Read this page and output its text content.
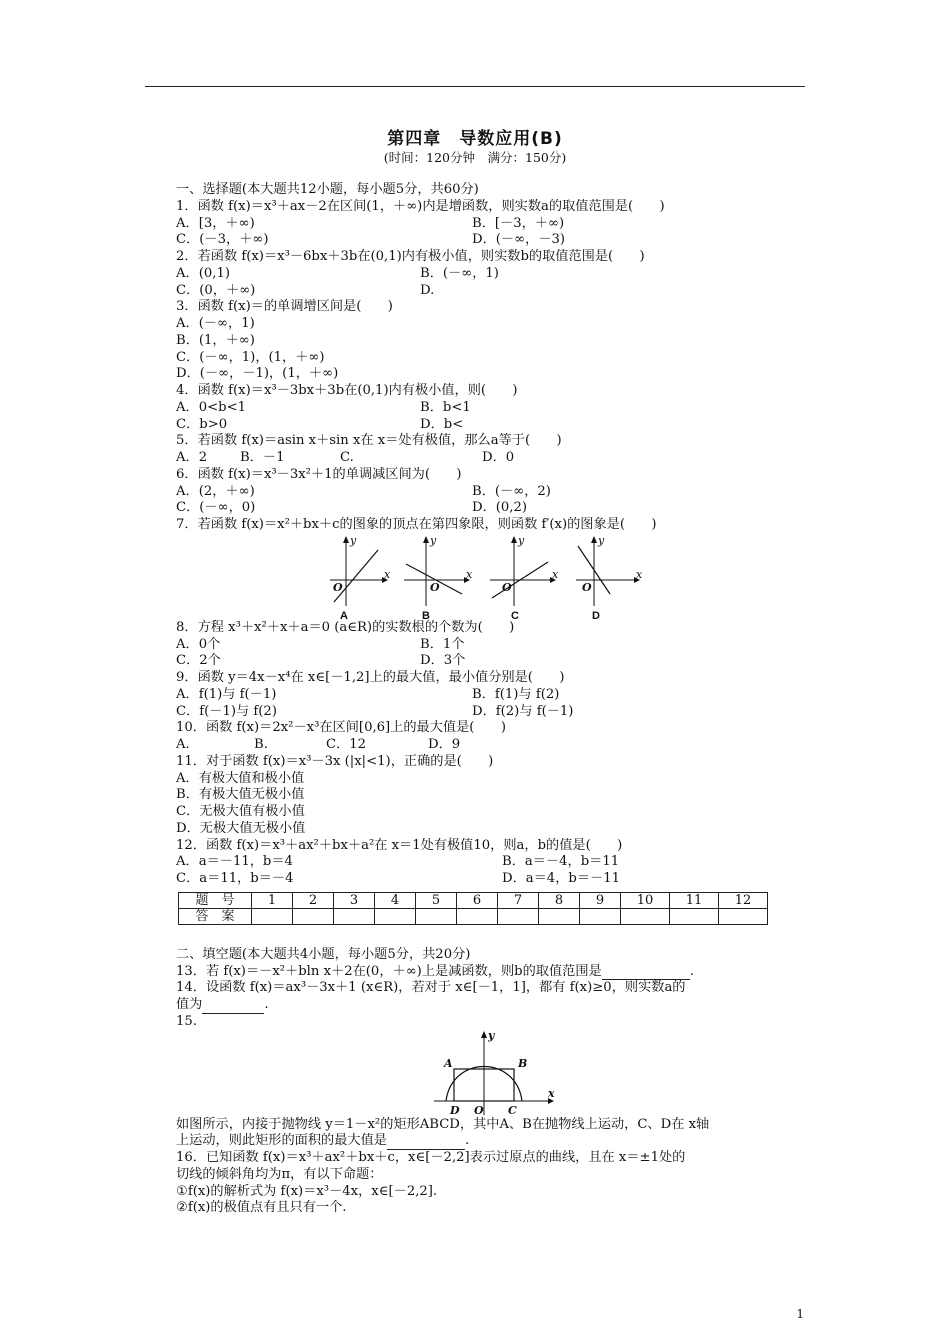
第四章　导数应用(B)
(时间：120分钟　满分：150分)
一、选择题(本大题共12小题，每小题5分，共60分)
1．函数 f(x)＝x³＋ax－2在区间(1，＋∞)内是增函数，则实数a的取值范围是(　　)
A．[3，＋∞)	B．[－3，＋∞)
C．(－3，＋∞)	D．(－∞，－3)
2．若函数 f(x)＝x³－6bx＋3b在(0,1)内有极小值，则实数b的取值范围是(　　)
A．(0,1)	B．(－∞，1)
C．(0，＋∞)	D.
3．函数 f(x)＝的单调增区间是(　　)
A．(－∞，1)
B．(1，＋∞)
C．(－∞，1)，(1，＋∞)
D．(－∞，－1)，(1，＋∞)
4．函数 f(x)＝x³－3bx＋3b在(0,1)内有极小值，则(　　)
A．0<b<1	B．b<1
C．b>0	D．b<
5．若函数 f(x)＝asin x＋sin x在 x＝处有极值，那么a等于(　　)
A．2 B．－1	C.	D．0
6．函数 f(x)＝x³－3x²＋1的单调减区间为(　　)
A．(2，＋∞)	B．(－∞，2)
C．(－∞，0)	D．(0,2)
7．若函数 f(x)＝x²＋bx＋c的图象的顶点在第四象限，则函数 f′(x)的图象是(　　)
y
x
O
A
y
x
O
B
y
x
O
C
y
x
O
D
8．方程 x³＋x²＋x＋a＝0 (a∈R)的实数根的个数为(　　)
A．0个	B．1个
C．2个	D．3个
9．函数 y＝4x－x⁴在 x∈[－1,2]上的最大值，最小值分别是(　　)
A．f(1)与 f(－1)	B．f(1)与 f(2)
C．f(－1)与 f(2)	D．f(2)与 f(－1)
10．函数 f(x)＝2x²－x³在区间[0,6]上的最大值是(　　)
A.	B.	C．12	D．9
11．对于函数 f(x)＝x³－3x (|x|<1)，正确的是(　　)
A．有极大值和极小值
B．有极大值无极小值
C．无极大值有极小值
D．无极大值无极小值
12．函数 f(x)＝x³＋ax²＋bx＋a²在 x＝1处有极值10，则a，b的值是(　　)
A．a＝－11，b＝4	B．a＝－4，b＝11
C．a＝11，b＝－4	D．a＝4，b＝－11
题　号	1	2	3	4	5	6	7	8	9	10	11	12
答　案												
二、填空题(本大题共4小题，每小题5分，共20分)
13．若 f(x)＝－x²＋bln x＋2在(0，＋∞)上是减函数，则b的取值范围是	.
14．设函数 f(x)＝ax³－3x＋1 (x∈R)，若对于 x∈[－1，1]，都有 f(x)≥0，则实数a的
值为	.
15.
y
x
A	B
C
D O
如图所示，内接于抛物线 y＝1－x²的矩形ABCD，其中A、B在抛物线上运动，C、D在 x轴
上运动，则此矩形的面积的最大值是	.
16．已知函数 f(x)＝x³＋ax²＋bx＋c，x∈[－2,2]表示过原点的曲线，且在 x＝±1处的
切线的倾斜角均为π，有以下命题：
①f(x)的解析式为 f(x)＝x³－4x，x∈[－2,2].
②f(x)的极值点有且只有一个.
1
